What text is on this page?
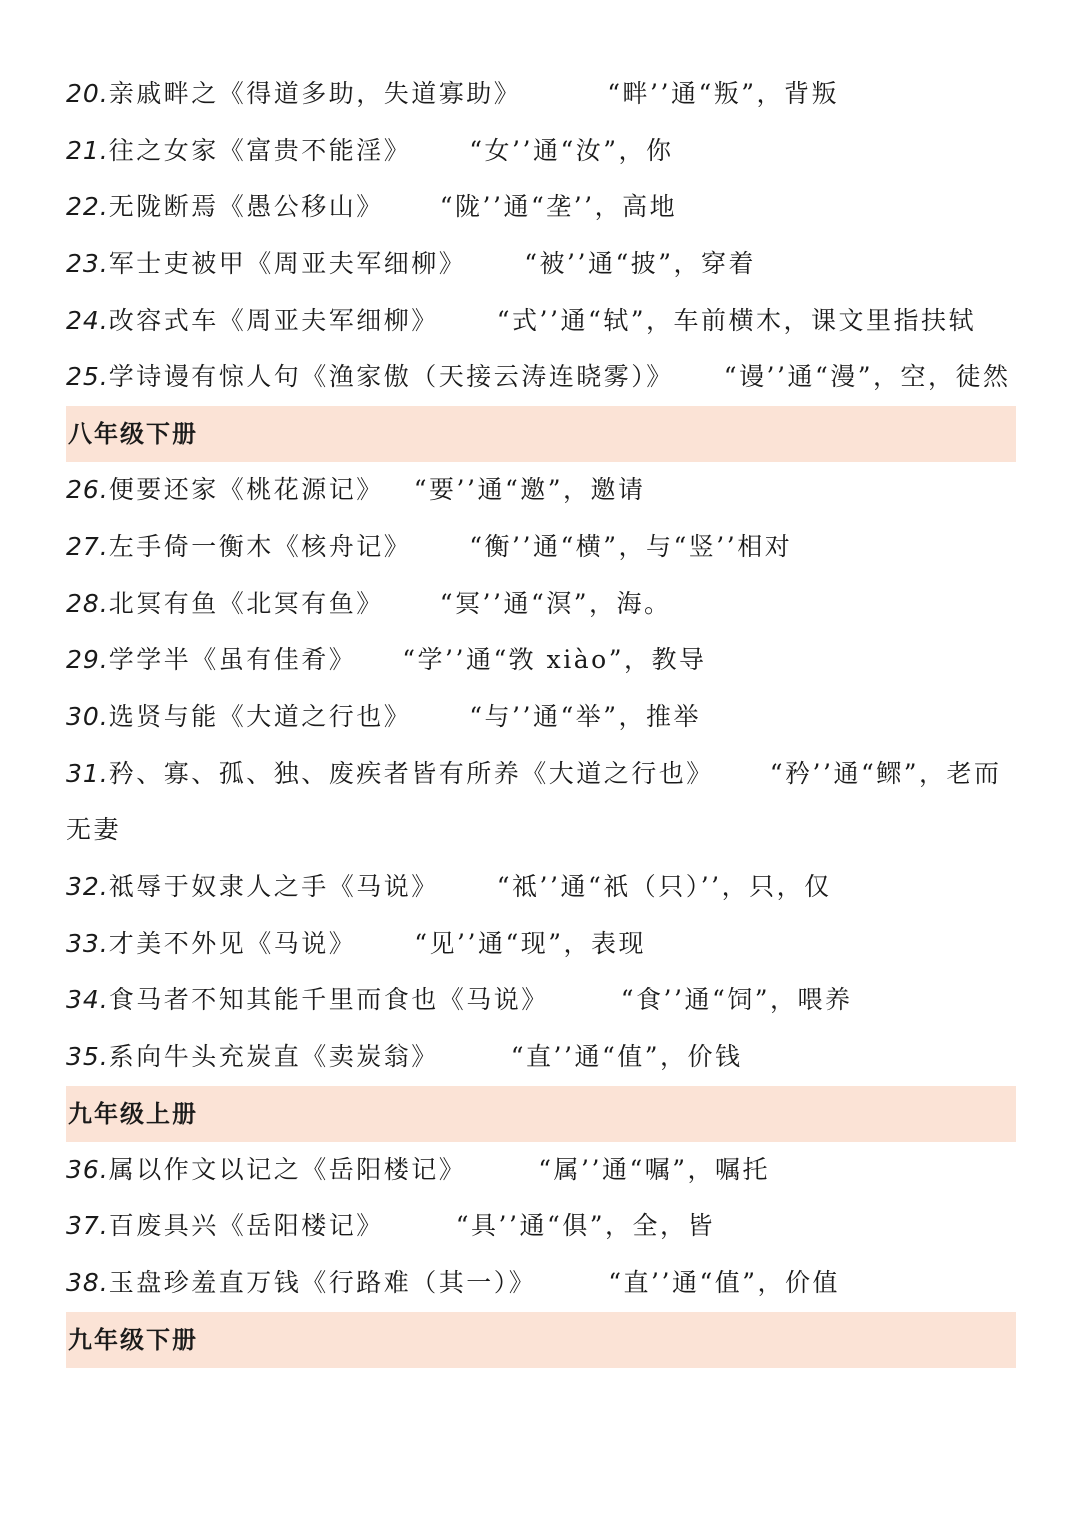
20.亲戚畔之《得道多助，失道寡助》	“畔’’通“叛”，背叛
21.往之女家《富贵不能淫》 “女’’通“汝”，你
22.无陇断焉《愚公移山》 “陇’’通“垄’’，高地
23.军士吏被甲《周亚夫军细柳》 “被’’通“披”，穿着
24.改容式车《周亚夫军细柳》 “式’’通“轼”，车前横木，课文里指扶轼
25.学诗谩有惊人句《渔家傲（天接云涛连晓雾）》 “谩’’通“漫”，空，徒然
八年级下册
26.便要还家《桃花源记》 “要’’通“邀”，邀请
27.左手倚一衡木《核舟记》 “衡’’通“横”，与“竖’’相对
28.北冥有鱼《北冥有鱼》 “冥’’通“溟”，海。
29.学学半《虽有佳肴》 “学’’通“敩 xiào”，教导
30.选贤与能《大道之行也》 “与’’通“举”，推举
31.矜、寡、孤、独、废疾者皆有所养《大道之行也》 “矜’’通“鳏”，老而无妻
32.祗辱于奴隶人之手《马说》 “祗’’通“祇（只）’’，只，仅
33.才美不外见《马说》 “见’’通“现”，表现
34.食马者不知其能千里而食也《马说》	“食’’通“饲”，喂养
35.系向牛头充炭直《卖炭翁》	“直’’通“值”，价钱
九年级上册
36.属以作文以记之《岳阳楼记》	“属’’通“嘱”，嘱托
37.百废具兴《岳阳楼记》	“具’’通“俱”，全，皆
38.玉盘珍羞直万钱《行路难（其一）》	“直’’通“值”，价值
九年级下册
